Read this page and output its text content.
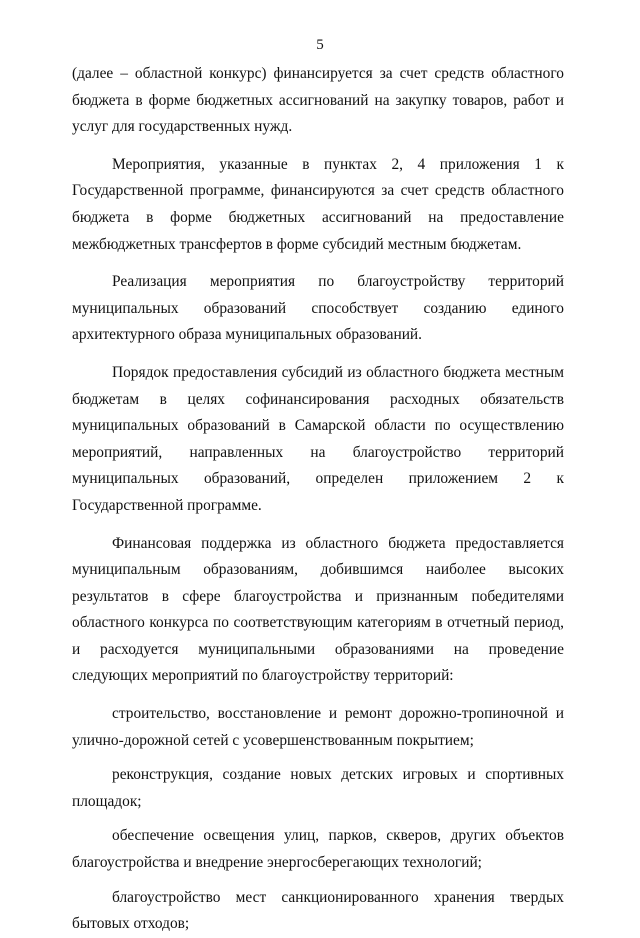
5

(далее – областной конкурс) финансируется за счет средств областного бюджета в форме бюджетных ассигнований на закупку товаров, работ и услуг для государственных нужд.

Мероприятия, указанные в пунктах 2, 4 приложения 1 к Государственной программе, финансируются за счет средств областного бюджета в форме бюджетных ассигнований на предоставление межбюджетных трансфертов в форме субсидий местным бюджетам.

Реализация мероприятия по благоустройству территорий муниципальных образований способствует созданию единого архитектурного образа муниципальных образований.

Порядок предоставления субсидий из областного бюджета местным бюджетам в целях софинансирования расходных обязательств муниципальных образований в Самарской области по осуществлению мероприятий, направленных на благоустройство территорий муниципальных образований, определен приложением 2 к Государственной программе.

Финансовая поддержка из областного бюджета предоставляется муниципальным образованиям, добившимся наиболее высоких результатов в сфере благоустройства и признанным победителями областного конкурса по соответствующим категориям в отчетный период, и расходуется муниципальными образованиями на проведение следующих мероприятий по благоустройству территорий:

строительство, восстановление и ремонт дорожно-тропиночной и улично-дорожной сетей с усовершенствованным покрытием;

реконструкция, создание новых детских игровых и спортивных площадок;

обеспечение освещения улиц, парков, скверов, других объектов благоустройства и внедрение энергосберегающих технологий;

благоустройство мест санкционированного хранения твердых бытовых отходов;
